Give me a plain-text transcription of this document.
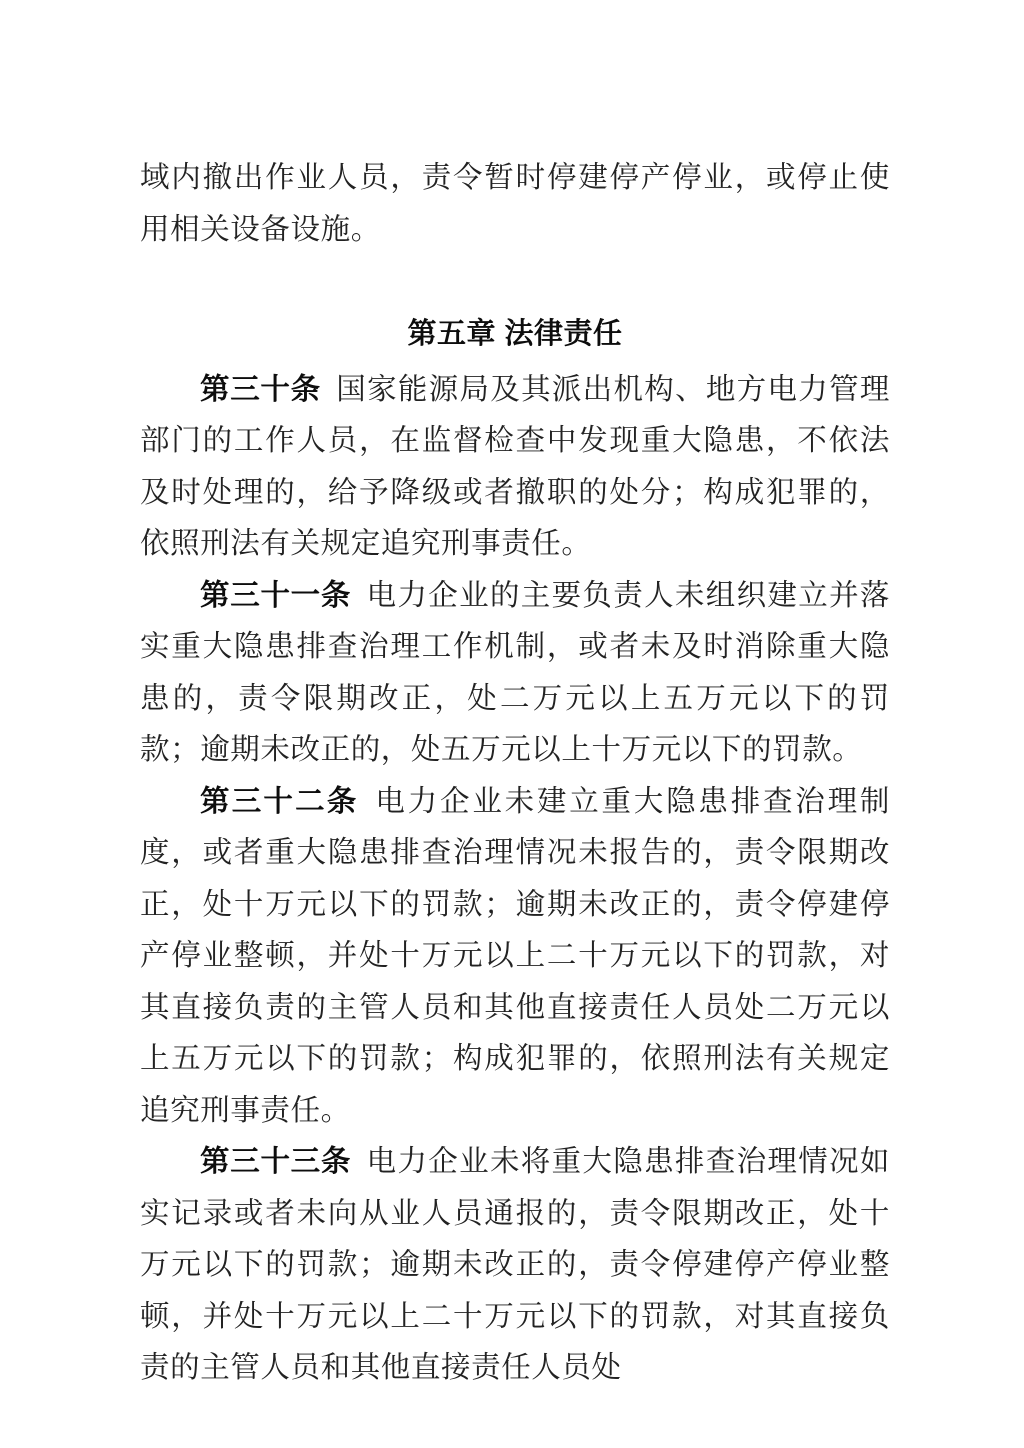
域内撤出作业人员，责令暂时停建停产停业，或停止使用相关设备设施。

第五章 法律责任

第三十条 国家能源局及其派出机构、地方电力管理部门的工作人员，在监督检查中发现重大隐患，不依法及时处理的，给予降级或者撤职的处分；构成犯罪的，依照刑法有关规定追究刑事责任。

第三十一条 电力企业的主要负责人未组织建立并落实重大隐患排查治理工作机制，或者未及时消除重大隐患的，责令限期改正，处二万元以上五万元以下的罚款；逾期未改正的，处五万元以上十万元以下的罚款。

第三十二条 电力企业未建立重大隐患排查治理制度，或者重大隐患排查治理情况未报告的，责令限期改正，处十万元以下的罚款；逾期未改正的，责令停建停产停业整顿，并处十万元以上二十万元以下的罚款，对其直接负责的主管人员和其他直接责任人员处二万元以上五万元以下的罚款；构成犯罪的，依照刑法有关规定追究刑事责任。

第三十三条 电力企业未将重大隐患排查治理情况如实记录或者未向从业人员通报的，责令限期改正，处十万元以下的罚款；逾期未改正的，责令停建停产停业整顿，并处十万元以上二十万元以下的罚款，对其直接负责的主管人员和其他直接责任人员处
